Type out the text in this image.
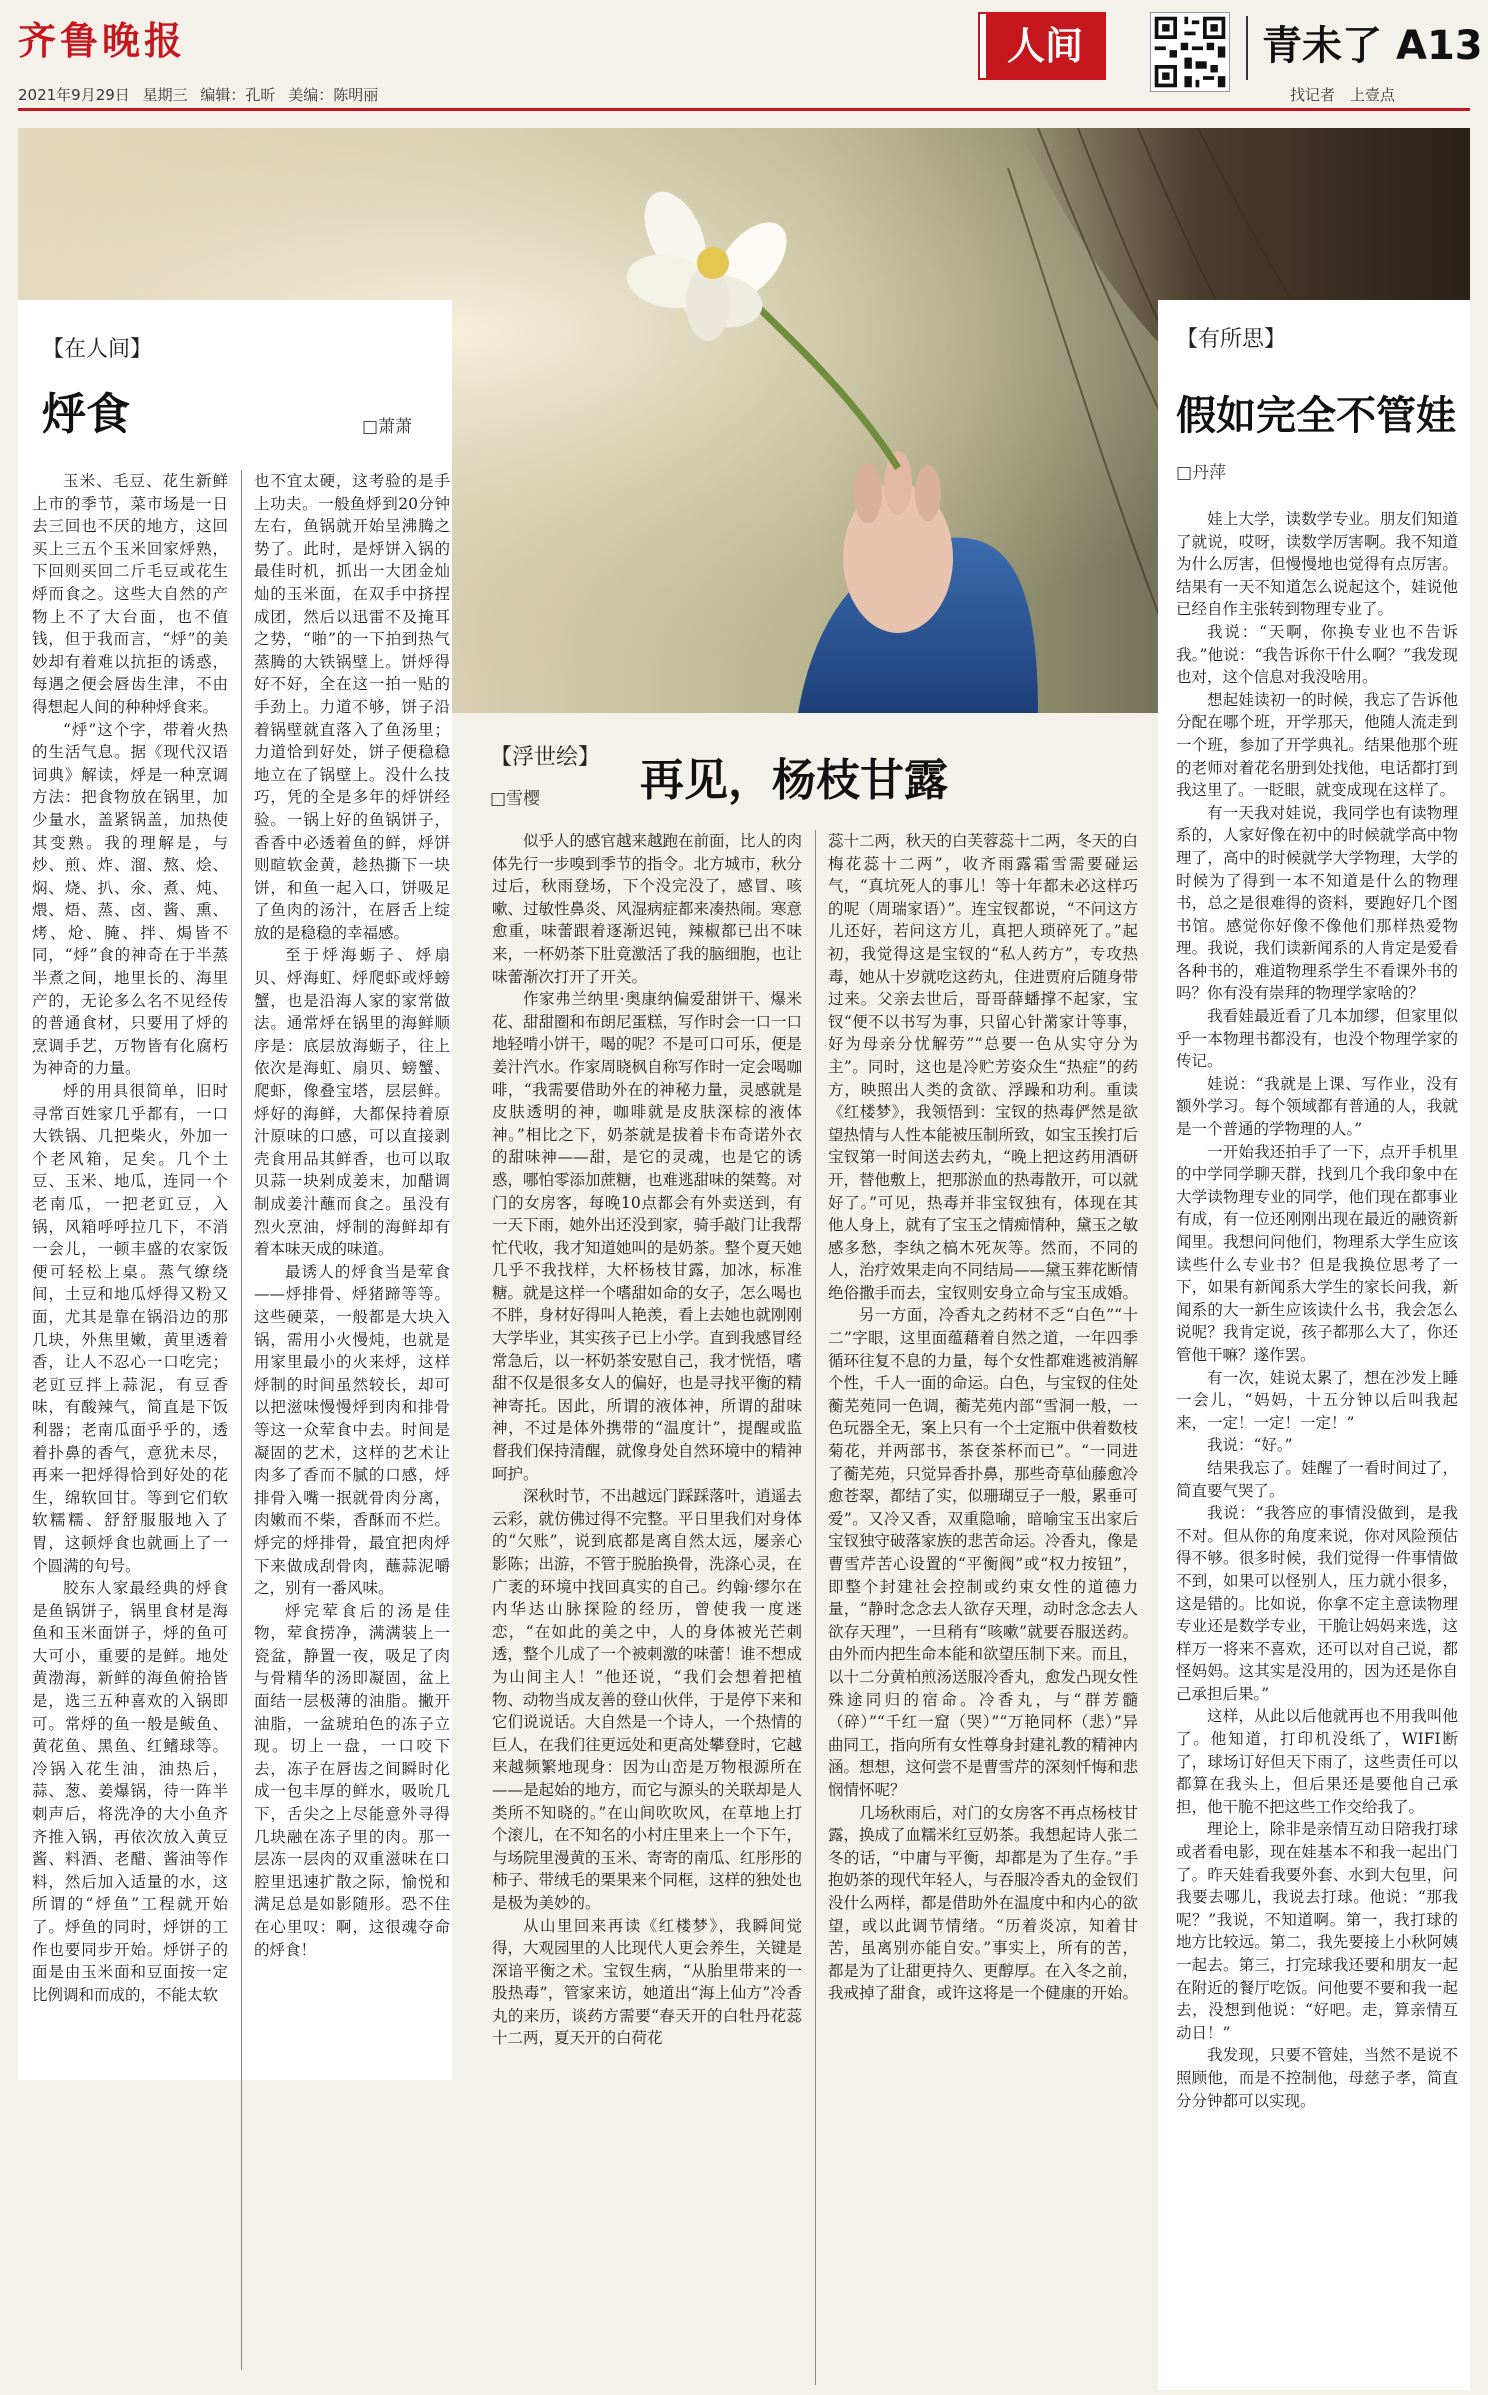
齐鲁晚报
2021年9月29日 星期三 编辑：孔昕 美编：陈明丽
人间	青未了 A13
找记者　上壹点
【在人间】
烀食	□萧萧

玉米、毛豆、花生新鲜上市的季节，菜市场是一日去三回也不厌的地方，这回买上三五个玉米回家烀熟，下回则买回二斤毛豆或花生烀而食之。这些大自然的产物上不了大台面，也不值钱，但于我而言，“烀”的美妙却有着难以抗拒的诱惑，每遇之便会唇齿生津，不由得想起人间的种种烀食来。

“烀”这个字，带着火热的生活气息。据《现代汉语词典》解读，烀是一种烹调方法：把食物放在锅里，加少量水，盖紧锅盖，加热使其变熟。我的理解是，与炒、煎、炸、溜、熬、烩、焖、烧、扒、氽、煮、炖、煨、焐、蒸、卤、酱、熏、烤、炝、腌、拌、焗皆不同，“烀”食的神奇在于半蒸半煮之间，地里长的、海里产的，无论多么名不见经传的普通食材，只要用了烀的烹调手艺，万物皆有化腐朽为神奇的力量。

烀的用具很简单，旧时寻常百姓家几乎都有，一口大铁锅、几把柴火，外加一个老风箱，足矣。几个土豆、玉米、地瓜，连同一个老南瓜，一把老豇豆，入锅，风箱呼呼拉几下，不消一会儿，一顿丰盛的农家饭便可轻松上桌。蒸气缭绕间，土豆和地瓜烀得又粉又面，尤其是靠在锅沿边的那几块，外焦里嫩，黄里透着香，让人不忍心一口吃完；老豇豆拌上蒜泥，有豆香味，有酸辣气，简直是下饭利器；老南瓜面乎乎的，透着扑鼻的香气，意犹未尽，再来一把烀得恰到好处的花生，绵软回甘。等到它们软软糯糯、舒舒服服地入了胃，这顿烀食也就画上了一个圆满的句号。

胶东人家最经典的烀食是鱼锅饼子，锅里食材是海鱼和玉米面饼子，烀的鱼可大可小，重要的是鲜。地处黄渤海，新鲜的海鱼俯拾皆是，选三五种喜欢的入锅即可。常烀的鱼一般是鲅鱼、黄花鱼、黑鱼、红鳍球等。冷锅入花生油，油热后，蒜、葱、姜爆锅，待一阵半刺声后，将洗净的大小鱼齐齐推入锅，再依次放入黄豆酱、料酒、老醋、酱油等作料，然后加入适量的水，这所谓的“烀鱼”工程就开始了。烀鱼的同时，烀饼的工作也要同步开始。烀饼子的面是由玉米面和豆面按一定比例调和而成的，不能太软

也不宜太硬，这考验的是手上功夫。一般鱼烀到20分钟左右，鱼锅就开始呈沸腾之势了。此时，是烀饼入锅的最佳时机，抓出一大团金灿灿的玉米面，在双手中挤捏成团，然后以迅雷不及掩耳之势，“啪”的一下拍到热气蒸腾的大铁锅壁上。饼烀得好不好，全在这一拍一贴的手劲上。力道不够，饼子沿着锅壁就直落入了鱼汤里；力道恰到好处，饼子便稳稳地立在了锅壁上。没什么技巧，凭的全是多年的烀饼经验。一锅上好的鱼锅饼子，香香中必透着鱼的鲜，烀饼则暄软金黄，趁热撕下一块饼，和鱼一起入口，饼吸足了鱼肉的汤汁，在唇舌上绽放的是稳稳的幸福感。

至于烀海蛎子、烀扇贝、烀海虹、烀爬虾或烀螃蟹，也是沿海人家的家常做法。通常烀在锅里的海鲜顺序是：底层放海蛎子，往上依次是海虹、扇贝、螃蟹、爬虾，像叠宝塔，层层鲜。烀好的海鲜，大都保持着原汁原味的口感，可以直接剥壳食用品其鲜香，也可以取贝蒜一块剁成姜末，加醋调制成姜汁蘸而食之。虽没有烈火烹油，烀制的海鲜却有着本味天成的味道。

最诱人的烀食当是荤食——烀排骨、烀猪蹄等等。这些硬菜，一般都是大块入锅，需用小火慢炖，也就是用家里最小的火来烀，这样烀制的时间虽然较长，却可以把滋味慢慢烀到肉和排骨等这一众荤食中去。时间是凝固的艺术，这样的艺术让肉多了香而不腻的口感，烀排骨入嘴一抿就骨肉分离，肉嫩而不柴，香酥而不烂。烀完的烀排骨，最宜把肉烀下来做成刮骨肉，蘸蒜泥嚼之，别有一番风味。

烀完荤食后的汤是佳物，荤食捞净，满满装上一瓷盆，静置一夜，吸足了肉与骨精华的汤即凝固，盆上面结一层极薄的油脂。撇开油脂，一盆琥珀色的冻子立现。切上一盘，一口咬下去，冻子在唇齿之间瞬时化成一包丰厚的鲜水，吸吮几下，舌尖之上尽能意外寻得几块融在冻子里的肉。那一层冻一层肉的双重滋味在口腔里迅速扩散之际，愉悦和满足总是如影随形。恐不住在心里叹：啊，这很魂夺命的烀食！

【浮世绘】
□雪樱 再见，杨枝甘露

似乎人的感官越来越跑在前面，比人的肉体先行一步嗅到季节的指令。北方城市，秋分过后，秋雨登场，下个没完没了，感冒、咳嗽、过敏性鼻炎、风湿病症都来凑热闹。寒意愈重，味蕾跟着逐渐迟钝，辣椒都已出不味来，一杯奶茶下肚竟激活了我的脑细胞，也让味蕾渐次打开了开关。

作家弗兰纳里·奥康纳偏爱甜饼干、爆米花、甜甜圈和布朗尼蛋糕，写作时会一口一口地轻啃小饼干，喝的呢？不是可口可乐，便是姜汁汽水。作家周晓枫自称写作时一定会喝咖啡，“我需要借助外在的神秘力量，灵感就是皮肤透明的神，咖啡就是皮肤深棕的液体神。”相比之下，奶茶就是拔着卡布奇诺外衣的甜味神——甜，是它的灵魂，也是它的诱惑，哪怕零添加蔗糖，也难逃甜味的桀骜。对门的女房客，每晚10点都会有外卖送到，有一天下雨，她外出还没到家，骑手敲门让我帮忙代收，我才知道她叫的是奶茶。整个夏天她几乎不我找样，大杯杨枝甘露，加冰，标准糖。就是这样一个嗜甜如命的女子，怎么喝也不胖，身材好得叫人艳羡，看上去她也就刚刚大学毕业，其实孩子已上小学。直到我感冒经常急后，以一杯奶茶安慰自己，我才恍悟，嗜甜不仅是很多女人的偏好，也是寻找平衡的精神寄托。因此，所谓的液体神，所谓的甜味神，不过是体外携带的“温度计”，提醒或监督我们保持清醒，就像身处自然环境中的精神呵护。

深秋时节，不出越远门踩踩落叶，逍遥去云彩，就仿佛过得不完整。平日里我们对身体的“欠账”，说到底都是离自然太远，屡亲心影陈；出游，不管于脱胎换骨，洗涤心灵，在广袤的环境中找回真实的自己。约翰·缪尔在内华达山脉探险的经历，曾使我一度迷恋，“在如此的美之中，人的身体被光芒刺透，整个儿成了一个被刺激的味蕾！谁不想成为山间主人！”他还说，“我们会想着把植物、动物当成友善的登山伙伴，于是停下来和它们说说话。大自然是一个诗人，一个热情的巨人，在我们往更远处和更高处攀登时，它越来越频繁地现身：因为山峦是万物根源所在——是起始的地方，而它与源头的关联却是人类所不知晓的。”在山间吹吹风，在草地上打个滚儿，在不知名的小村庄里来上一个下午，与场院里漫黄的玉米、寄寄的南瓜、红彤彤的柿子、带绒毛的栗果来个同框，这样的独处也是极为美妙的。

从山里回来再读《红楼梦》，我瞬间觉得，大观园里的人比现代人更会养生，关键是深谙平衡之术。宝钗生病，“从胎里带来的一股热毒”，管家来访，她道出“海上仙方”冷香丸的来历，谈药方需要“春天开的白牡丹花蕊十二两，夏天开的白荷花

蕊十二两，秋天的白芙蓉蕊十二两，冬天的白梅花蕊十二两”，收齐雨露霜雪需要碰运气，“真坑死人的事儿！等十年都未必这样巧的呢（周瑞家语）”。连宝钗都说，“不问这方儿还好，若问这方儿，真把人琐碎死了。”起初，我觉得这是宝钗的“私人药方”，专攻热毒，她从十岁就吃这药丸，住进贾府后随身带过来。父亲去世后，哥哥薛蟠撑不起家，宝钗“便不以书写为事，只留心针黹家计等事，好为母亲分忧解劳”“总要一色从实守分为主”。同时，这也是冷贮芳姿众生“热症”的药方，映照出人类的贪欲、浮躁和功利。重读《红楼梦》，我领悟到：宝钗的热毒俨然是欲望热情与人性本能被压制所致，如宝玉挨打后宝钗第一时间送去药丸，“晚上把这药用酒研开，替他敷上，把那淤血的热毒散开，可以就好了。”可见，热毒并非宝钗独有，体现在其他人身上，就有了宝玉之情痴情种，黛玉之敏感多愁，李纨之槁木死灰等。然而，不同的人，治疗效果走向不同结局——黛玉葬花断情绝俗撒手而去，宝钗则安身立命与宝玉成婚。

另一方面，冷香丸之药材不乏“白色”“十二”字眼，这里面蕴藉着自然之道，一年四季循环往复不息的力量，每个女性都难逃被消解个性，千人一面的命运。白色，与宝钗的住处蘅芜苑同一色调，蘅芜苑内部“雪洞一般，一色玩器全无，案上只有一个土定瓶中供着数枝菊花，并两部书，茶奁茶杯而已”。“一同进了蘅芜苑，只觉异香扑鼻，那些奇草仙藤愈冷愈苍翠，都结了实，似珊瑚豆子一般，累垂可爱”。又冷又香，双重隐喻，暗喻宝玉出家后宝钗独守破落家族的悲苦命运。冷香丸，像是曹雪芹苦心设置的“平衡阀”或“权力按钮”，即整个封建社会控制或约束女性的道德力量，“静时念念去人欲存天理，动时念念去人欲存天理”，一旦稍有“咳嗽”就要吞服送药。由外而内把生命本能和欲望压制下来。而且，以十二分黄柏煎汤送服冷香丸，愈发凸现女性殊途同归的宿命。冷香丸，与“群芳髓（碎）”“千红一窟（哭）”“万艳同杯（悲）”异曲同工，指向所有女性尊身封建礼教的精神内涵。想想，这何尝不是曹雪芹的深刻忏悔和悲悯情怀呢？

几场秋雨后，对门的女房客不再点杨枝甘露，换成了血糯米红豆奶茶。我想起诗人张二冬的话，“中庸与平衡，却都是为了生存。”手抱奶茶的现代年轻人，与吞服冷香丸的金钗们没什么两样，都是借助外在温度中和内心的欲望，或以此调节情绪。“历着炎凉，知着甘苦，虽离别亦能自安。”事实上，所有的苦，都是为了让甜更持久、更醇厚。在入冬之前，我戒掉了甜食，或许这将是一个健康的开始。

【有所思】
假如完全不管娃
□丹萍

娃上大学，读数学专业。朋友们知道了就说，哎呀，读数学厉害啊。我不知道为什么厉害，但慢慢地也觉得有点厉害。结果有一天不知道怎么说起这个，娃说他已经自作主张转到物理专业了。

我说：“天啊，你换专业也不告诉我。”他说：“我告诉你干什么啊？”我发现也对，这个信息对我没啥用。

想起娃读初一的时候，我忘了告诉他分配在哪个班，开学那天，他随人流走到一个班，参加了开学典礼。结果他那个班的老师对着花名册到处找他，电话都打到我这里了。一眨眼，就变成现在这样了。

有一天我对娃说，我同学也有读物理系的，人家好像在初中的时候就学高中物理了，高中的时候就学大学物理，大学的时候为了得到一本不知道是什么的物理书，总之是很难得的资料，要跑好几个图书馆。感觉你好像不像他们那样热爱物理。我说，我们读新闻系的人肯定是爱看各种书的，难道物理系学生不看课外书的吗？你有没有崇拜的物理学家啥的？

我看娃最近看了几本加缪，但家里似乎一本物理书都没有，也没个物理学家的传记。

娃说：“我就是上课、写作业，没有额外学习。每个领域都有普通的人，我就是一个普通的学物理的人。”

一开始我还拍手了一下，点开手机里的中学同学聊天群，找到几个我印象中在大学读物理专业的同学，他们现在都事业有成，有一位还刚刚出现在最近的融资新闻里。我想问问他们，物理系大学生应该读些什么专业书？但是我换位思考了一下，如果有新闻系大学生的家长问我，新闻系的大一新生应该读什么书，我会怎么说呢？我肯定说，孩子都那么大了，你还管他干嘛？遂作罢。

有一次，娃说太累了，想在沙发上睡一会儿，“妈妈，十五分钟以后叫我起来，一定！一定！一定！”

我说：“好。”

结果我忘了。娃醒了一看时间过了，简直要气哭了。

我说：“我答应的事情没做到，是我不对。但从你的角度来说，你对风险预估得不够。很多时候，我们觉得一件事情做不到，如果可以怪别人，压力就小很多，这是错的。比如说，你拿不定主意读物理专业还是数学专业，干脆让妈妈来选，这样万一将来不喜欢，还可以对自己说，都怪妈妈。这其实是没用的，因为还是你自己承担后果。”

这样，从此以后他就再也不用我叫他了。他知道，打印机没纸了，WIFI断了，球场订好但天下雨了，这些责任可以都算在我头上，但后果还是要他自己承担，他干脆不把这些工作交给我了。

理论上，除非是亲情互动日陪我打球或者看电影，现在娃基本不和我一起出门了。昨天娃看我要外套、水到大包里，问我要去哪儿，我说去打球。他说：“那我呢？”我说，不知道啊。第一，我打球的地方比较远。第二，我先要接上小秋阿姨一起去。第三，打完球我还要和朋友一起在附近的餐厅吃饭。问他要不要和我一起去，没想到他说：“好吧。走，算亲情互动日！”

我发现，只要不管娃，当然不是说不照顾他，而是不控制他，母慈子孝，简直分分钟都可以实现。
